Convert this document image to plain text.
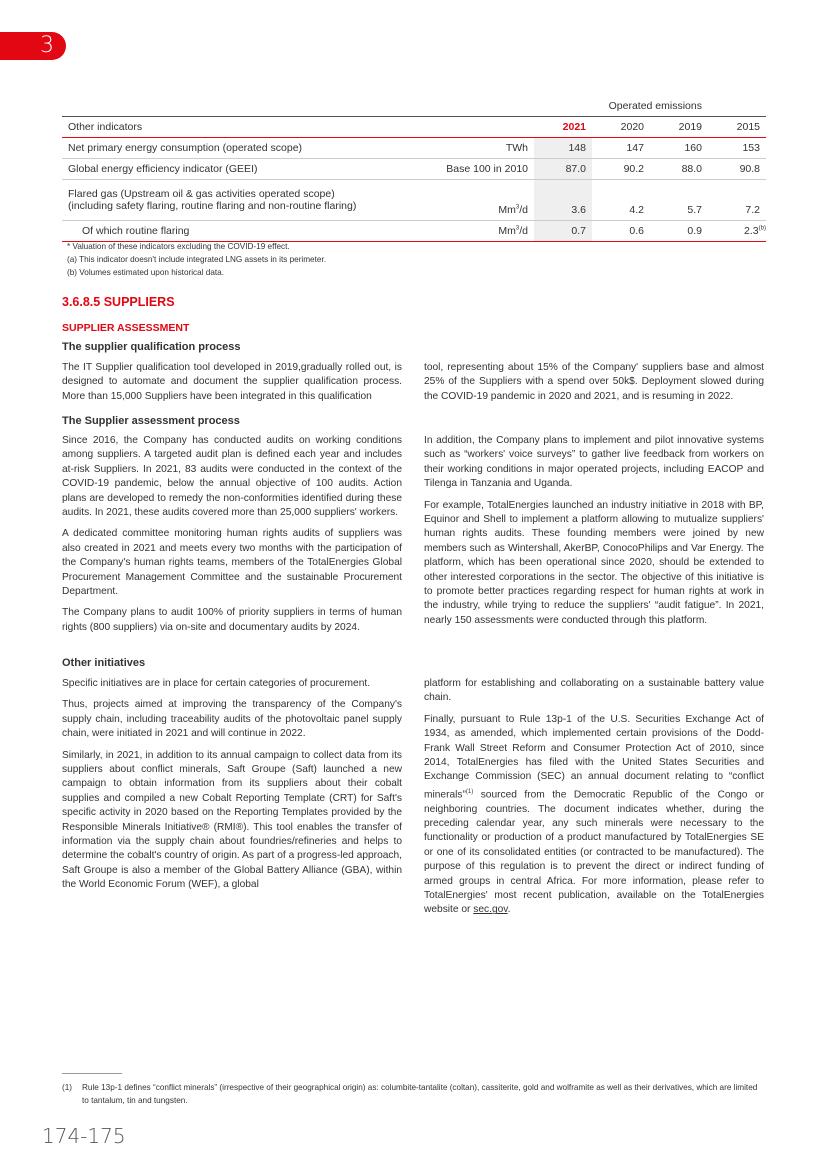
3
Operated emissions
Other indicators		2021	2020	2019	2015
Net primary energy consumption (operated scope)	TWh	148	147	160	153
Global energy efficiency indicator (GEEI)	Base 100 in 2010	87.0	90.2	88.0	90.8

Flared gas (Upstream oil & gas activities operated scope)
(including safety flaring, routine flaring and non-routine flaring)	Mm$^3$/d	3.6	4.2	5.7	7.2
Of which routine flaring	Mm$^3$/d	0.7	0.6	0.9	2.3$^{(b)}$
* Valuation of these indicators excluding the COVID-19 effect.
(a) This indicator doesn't include integrated LNG assets in its perimeter.
(b) Volumes estimated upon historical data.
3.6.8.5 SUPPLIERS
SUPPLIER ASSESSMENT
The supplier qualification process

The IT Supplier qualification tool developed in 2019,gradually rolled out, is designed to automate and document the supplier qualification process. More than 15,000 Suppliers have been integrated in this qualification

tool, representing about 15% of the Company' suppliers base and almost 25% of the Suppliers with a spend over 50k$. Deployment slowed during the COVID-19 pandemic in 2020 and 2021, and is resuming in 2022.

The Supplier assessment process

Since 2016, the Company has conducted audits on working conditions among suppliers. A targeted audit plan is defined each year and includes at-risk Suppliers. In 2021, 83 audits were conducted in the context of the COVID-19 pandemic, below the annual objective of 100 audits. Action plans are developed to remedy the non-conformities identified during these audits. In 2021, these audits covered more than 25,000 suppliers' workers.

A dedicated committee monitoring human rights audits of suppliers was also created in 2021 and meets every two months with the participation of the Company's human rights teams, members of the TotalEnergies Global Procurement Management Committee and the sustainable Procurement Department.

The Company plans to audit 100% of priority suppliers in terms of human rights (800 suppliers) via on-site and documentary audits by 2024.

In addition, the Company plans to implement and pilot innovative systems such as “workers' voice surveys” to gather live feedback from workers on their working conditions in major operated projects, including EACOP and Tilenga in Tanzania and Uganda.

For example, TotalEnergies launched an industry initiative in 2018 with BP, Equinor and Shell to implement a platform allowing to mutualize suppliers' human rights audits. These founding members were joined by new members such as Wintershall, AkerBP, ConocoPhilips and Var Energy. The platform, which has been operational since 2020, should be extended to other interested corporations in the sector. The objective of this initiative is to promote better practices regarding respect for human rights at work in the industry, while trying to reduce the suppliers' “audit fatigue”. In 2021, nearly 150 assessments were conducted through this platform.

Other initiatives

Specific initiatives are in place for certain categories of procurement.

Thus, projects aimed at improving the transparency of the Company's supply chain, including traceability audits of the photovoltaic panel supply chain, were initiated in 2021 and will continue in 2022.

Similarly, in 2021, in addition to its annual campaign to collect data from its suppliers about conflict minerals, Saft Groupe (Saft) launched a new campaign to obtain information from its suppliers about their cobalt supplies and compiled a new Cobalt Reporting Template (CRT) for Saft's specific activity in 2020 based on the Reporting Templates provided by the Responsible Minerals Initiative® (RMI®). This tool enables the transfer of information via the supply chain about foundries/refineries and helps to determine the cobalt's country of origin. As part of a progress-led approach, Saft Groupe is also a member of the Global Battery Alliance (GBA), within the World Economic Forum (WEF), a global

platform for establishing and collaborating on a sustainable battery value chain.

Finally, pursuant to Rule 13p-1 of the U.S. Securities Exchange Act of 1934, as amended, which implemented certain provisions of the Dodd-Frank Wall Street Reform and Consumer Protection Act of 2010, since 2014, TotalEnergies has filed with the United States Securities and Exchange Commission (SEC) an annual document relating to “conflict minerals”$^{(1)}$ sourced from the Democratic Republic of the Congo or neighboring countries. The document indicates whether, during the preceding calendar year, any such minerals were necessary to the functionality or production of a product manufactured by TotalEnergies SE or one of its consolidated entities (or contracted to be manufactured). The purpose of this regulation is to prevent the direct or indirect funding of armed groups in central Africa. For more information, please refer to TotalEnergies' most recent publication, available on the TotalEnergies website or sec.gov.

(1)	Rule 13p-1 defines “conflict minerals” (irrespective of their geographical origin) as: columbite-tantalite (coltan), cassiterite, gold and wolframite as well as their derivatives, which are limited to tantalum, tin and tungsten.
174-175
